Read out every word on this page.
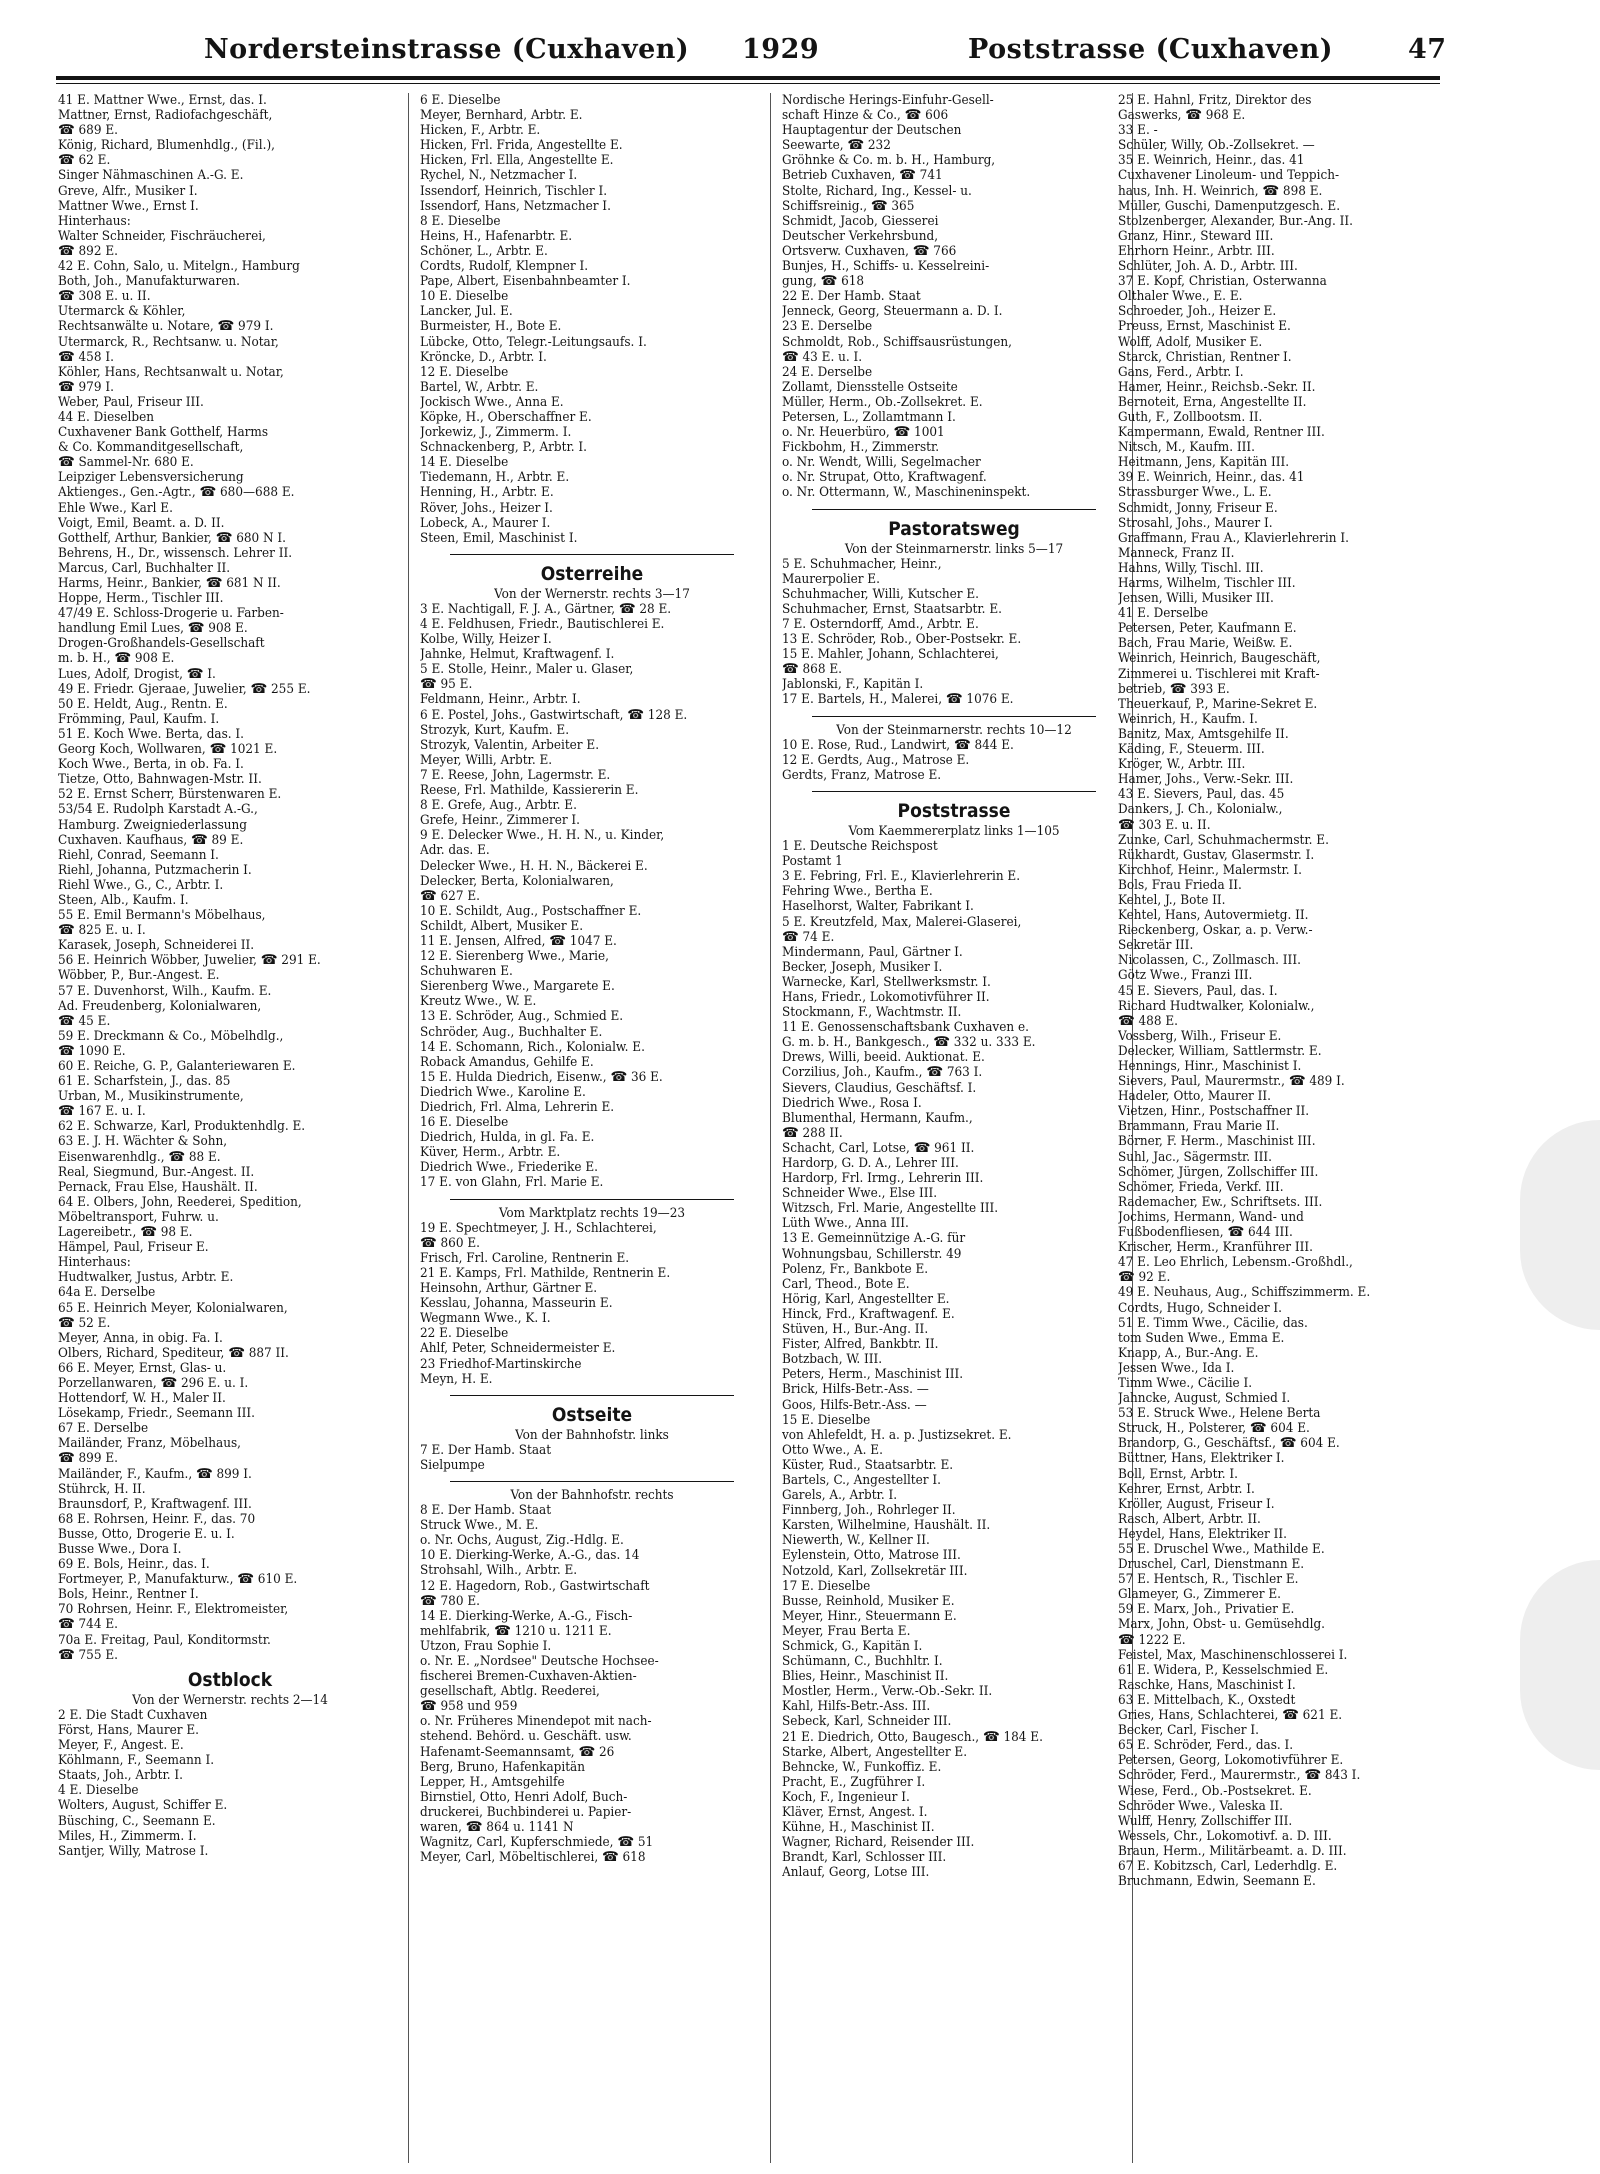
Nordersteinstrasse (Cuxhaven) 1929	Poststrasse (Cuxhaven)	47
41 E. Mattner Wwe., Ernst, das. I.
Mattner, Ernst, Radiofachgeschäft,
☎ 689 E.
König, Richard, Blumenhdlg., (Fil.),
☎ 62 E.
Singer Nähmaschinen A.-G. E.
Greve, Alfr., Musiker I.
Mattner Wwe., Ernst I.
Hinterhaus:
Walter Schneider, Fischräucherei,
☎ 892 E.
42 E. Cohn, Salo, u. Mitelgn., Hamburg
Both, Joh., Manufakturwaren.
☎ 308 E. u. II.
Utermarck & Köhler,
Rechtsanwälte u. Notare, ☎ 979 I.
Utermarck, R., Rechtsanw. u. Notar,
☎ 458 I.
Köhler, Hans, Rechtsanwalt u. Notar,
☎ 979 I.
Weber, Paul, Friseur III.
44 E. Dieselben
Cuxhavener Bank Gotthelf, Harms
& Co. Kommanditgesellschaft,
☎ Sammel-Nr. 680 E.
Leipziger Lebensversicherung
Aktienges., Gen.-Agtr., ☎ 680—688 E.
Ehle Wwe., Karl E.
Voigt, Emil, Beamt. a. D. II.
Gotthelf, Arthur, Bankier, ☎ 680 N I.
Behrens, H., Dr., wissensch. Lehrer II.
Marcus, Carl, Buchhalter II.
Harms, Heinr., Bankier, ☎ 681 N II.
Hoppe, Herm., Tischler III.
47/49 E. Schloss-Drogerie u. Farben-
handlung Emil Lues, ☎ 908 E.
Drogen-Großhandels-Gesellschaft
m. b. H., ☎ 908 E.
Lues, Adolf, Drogist, ☎ I.
49 E. Friedr. Gjeraae, Juwelier, ☎ 255 E.
50 E. Heldt, Aug., Rentn. E.
Frömming, Paul, Kaufm. I.
51 E. Koch Wwe. Berta, das. I.
Georg Koch, Wollwaren, ☎ 1021 E.
Koch Wwe., Berta, in ob. Fa. I.
Tietze, Otto, Bahnwagen-Mstr. II.
52 E. Ernst Scherr, Bürstenwaren E.
53/54 E. Rudolph Karstadt A.-G.,
Hamburg. Zweigniederlassung
Cuxhaven. Kaufhaus, ☎ 89 E.
Riehl, Conrad, Seemann I.
Riehl, Johanna, Putzmacherin I.
Riehl Wwe., G., C., Arbtr. I.
Steen, Alb., Kaufm. I.
55 E. Emil Bermann's Möbelhaus,
☎ 825 E. u. I.
Karasek, Joseph, Schneiderei II.
56 E. Heinrich Wöbber, Juwelier, ☎ 291 E.
Wöbber, P., Bur.-Angest. E.
57 E. Duvenhorst, Wilh., Kaufm. E.
Ad. Freudenberg, Kolonialwaren,
☎ 45 E.
59 E. Dreckmann & Co., Möbelhdlg.,
☎ 1090 E.
60 E. Reiche, G. P., Galanteriewaren E.
61 E. Scharfstein, J., das. 85
Urban, M., Musikinstrumente,
☎ 167 E. u. I.
62 E. Schwarze, Karl, Produktenhdlg. E.
63 E. J. H. Wächter & Sohn,
Eisenwarenhdlg., ☎ 88 E.
Real, Siegmund, Bur.-Angest. II.
Pernack, Frau Else, Haushält. II.
64 E. Olbers, John, Reederei, Spedition,
Möbeltransport, Fuhrw. u.
Lagereibetr., ☎ 98 E.
Hämpel, Paul, Friseur E.
Hinterhaus:
Hudtwalker, Justus, Arbtr. E.
64a E. Derselbe
65 E. Heinrich Meyer, Kolonialwaren,
☎ 52 E.
Meyer, Anna, in obig. Fa. I.
Olbers, Richard, Spediteur, ☎ 887 II.
66 E. Meyer, Ernst, Glas- u.
Porzellanwaren, ☎ 296 E. u. I.
Hottendorf, W. H., Maler II.
Lösekamp, Friedr., Seemann III.
67 E. Derselbe
Mailänder, Franz, Möbelhaus,
☎ 899 E.
Mailänder, F., Kaufm., ☎ 899 I.
Stührck, H. II.
Braunsdorf, P., Kraftwagenf. III.
68 E. Rohrsen, Heinr. F., das. 70
Busse, Otto, Drogerie E. u. I.
Busse Wwe., Dora I.
69 E. Bols, Heinr., das. I.
Fortmeyer, P., Manufakturw., ☎ 610 E.
Bols, Heinr., Rentner I.
70 Rohrsen, Heinr. F., Elektromeister,
☎ 744 E.
70a E. Freitag, Paul, Konditormstr.
☎ 755 E.
Ostblock
Von der Wernerstr. rechts 2—14
2 E. Die Stadt Cuxhaven
Först, Hans, Maurer E.
Meyer, F., Angest. E.
Köhlmann, F., Seemann I.
Staats, Joh., Arbtr. I.
4 E. Dieselbe
Wolters, August, Schiffer E.
Büsching, C., Seemann E.
Miles, H., Zimmerm. I.
Santjer, Willy, Matrose I.
6 E. Dieselbe
Meyer, Bernhard, Arbtr. E.
Hicken, F., Arbtr. E.
Hicken, Frl. Frida, Angestellte E.
Hicken, Frl. Ella, Angestellte E.
Rychel, N., Netzmacher I.
Issendorf, Heinrich, Tischler I.
Issendorf, Hans, Netzmacher I.
8 E. Dieselbe
Heins, H., Hafenarbtr. E.
Schöner, L., Arbtr. E.
Cordts, Rudolf, Klempner I.
Pape, Albert, Eisenbahnbeamter I.
10 E. Dieselbe
Lancker, Jul. E.
Burmeister, H., Bote E.
Lübcke, Otto, Telegr.-Leitungsaufs. I.
Kröncke, D., Arbtr. I.
12 E. Dieselbe
Bartel, W., Arbtr. E.
Jockisch Wwe., Anna E.
Köpke, H., Oberschaffner E.
Jorkewiz, J., Zimmerm. I.
Schnackenberg, P., Arbtr. I.
14 E. Dieselbe
Tiedemann, H., Arbtr. E.
Henning, H., Arbtr. E.
Röver, Johs., Heizer I.
Lobeck, A., Maurer I.
Steen, Emil, Maschinist I.
Osterreihe
Von der Wernerstr. rechts 3—17
3 E. Nachtigall, F. J. A., Gärtner, ☎ 28 E.
4 E. Feldhusen, Friedr., Bautischlerei E.
Kolbe, Willy, Heizer I.
Jahnke, Helmut, Kraftwagenf. I.
5 E. Stolle, Heinr., Maler u. Glaser,
☎ 95 E.
Feldmann, Heinr., Arbtr. I.
6 E. Postel, Johs., Gastwirtschaft, ☎ 128 E.
Strozyk, Kurt, Kaufm. E.
Strozyk, Valentin, Arbeiter E.
Meyer, Willi, Arbtr. E.
7 E. Reese, John, Lagermstr. E.
Reese, Frl. Mathilde, Kassiererin E.
8 E. Grefe, Aug., Arbtr. E.
Grefe, Heinr., Zimmerer I.
9 E. Delecker Wwe., H. H. N., u. Kinder,
Adr. das. E.
Delecker Wwe., H. H. N., Bäckerei E.
Delecker, Berta, Kolonialwaren,
☎ 627 E.
10 E. Schildt, Aug., Postschaffner E.
Schildt, Albert, Musiker E.
11 E. Jensen, Alfred, ☎ 1047 E.
12 E. Sierenberg Wwe., Marie,
Schuhwaren E.
Sierenberg Wwe., Margarete E.
Kreutz Wwe., W. E.
13 E. Schröder, Aug., Schmied E.
Schröder, Aug., Buchhalter E.
14 E. Schomann, Rich., Kolonialw. E.
Roback Amandus, Gehilfe E.
15 E. Hulda Diedrich, Eisenw., ☎ 36 E.
Diedrich Wwe., Karoline E.
Diedrich, Frl. Alma, Lehrerin E.
16 E. Dieselbe
Diedrich, Hulda, in gl. Fa. E.
Küver, Herm., Arbtr. E.
Diedrich Wwe., Friederike E.
17 E. von Glahn, Frl. Marie E.
Vom Marktplatz rechts 19—23
19 E. Spechtmeyer, J. H., Schlachterei,
☎ 860 E.
Frisch, Frl. Caroline, Rentnerin E.
21 E. Kamps, Frl. Mathilde, Rentnerin E.
Heinsohn, Arthur, Gärtner E.
Kesslau, Johanna, Masseurin E.
Wegmann Wwe., K. I.
22 E. Dieselbe
Ahlf, Peter, Schneidermeister E.
23 Friedhof-Martinskirche
Meyn, H. E.
Ostseite
Von der Bahnhofstr. links
7 E. Der Hamb. Staat
Sielpumpe
Von der Bahnhofstr. rechts
8 E. Der Hamb. Staat
Struck Wwe., M. E.
o. Nr. Ochs, August, Zig.-Hdlg. E.
10 E. Dierking-Werke, A.-G., das. 14
Strohsahl, Wilh., Arbtr. E.
12 E. Hagedorn, Rob., Gastwirtschaft
☎ 780 E.
14 E. Dierking-Werke, A.-G., Fisch-
mehlfabrik, ☎ 1210 u. 1211 E.
Utzon, Frau Sophie I.
o. Nr. E. „Nordsee" Deutsche Hochsee-
fischerei Bremen-Cuxhaven-Aktien-
gesellschaft, Abtlg. Reederei,
☎ 958 und 959
o. Nr. Früheres Minendepot mit nach-
stehend. Behörd. u. Geschäft. usw.
Hafenamt-Seemannsamt, ☎ 26
Berg, Bruno, Hafenkapitän
Lepper, H., Amtsgehilfe
Birnstiel, Otto, Henri Adolf, Buch-
druckerei, Buchbinderei u. Papier-
waren, ☎ 864 u. 1141 N
Wagnitz, Carl, Kupferschmiede, ☎ 51
Meyer, Carl, Möbeltischlerei, ☎ 618
Nordische Herings-Einfuhr-Gesell-
schaft Hinze & Co., ☎ 606
Hauptagentur der Deutschen
Seewarte, ☎ 232
Gröhnke & Co. m. b. H., Hamburg,
Betrieb Cuxhaven, ☎ 741
Stolte, Richard, Ing., Kessel- u.
Schiffsreinig., ☎ 365
Schmidt, Jacob, Giesserei
Deutscher Verkehrsbund,
Ortsverw. Cuxhaven, ☎ 766
Bunjes, H., Schiffs- u. Kesselreini-
gung, ☎ 618
22 E. Der Hamb. Staat
Jenneck, Georg, Steuermann a. D. I.
23 E. Derselbe
Schmoldt, Rob., Schiffsausrüstungen,
☎ 43 E. u. I.
24 E. Derselbe
Zollamt, Diensstelle Ostseite
Müller, Herm., Ob.-Zollsekret. E.
Petersen, L., Zollamtmann I.
o. Nr. Heuerbüro, ☎ 1001
Fickbohm, H., Zimmerstr.
o. Nr. Wendt, Willi, Segelmacher
o. Nr. Strupat, Otto, Kraftwagenf.
o. Nr. Ottermann, W., Maschineninspekt.
Pastoratsweg
Von der Steinmarnerstr. links 5—17
5 E. Schuhmacher, Heinr.,
Maurerpolier E.
Schuhmacher, Willi, Kutscher E.
Schuhmacher, Ernst, Staatsarbtr. E.
7 E. Osterndorff, Amd., Arbtr. E.
13 E. Schröder, Rob., Ober-Postsekr. E.
15 E. Mahler, Johann, Schlachterei,
☎ 868 E.
Jablonski, F., Kapitän I.
17 E. Bartels, H., Malerei, ☎ 1076 E.
Von der Steinmarnerstr. rechts 10—12
10 E. Rose, Rud., Landwirt, ☎ 844 E.
12 E. Gerdts, Aug., Matrose E.
Gerdts, Franz, Matrose E.
Poststrasse
Vom Kaemmererplatz links 1—105
1 E. Deutsche Reichspost
Postamt 1
3 E. Febring, Frl. E., Klavierlehrerin E.
Fehring Wwe., Bertha E.
Haselhorst, Walter, Fabrikant I.
5 E. Kreutzfeld, Max, Malerei-Glaserei,
☎ 74 E.
Mindermann, Paul, Gärtner I.
Becker, Joseph, Musiker I.
Warnecke, Karl, Stellwerksmstr. I.
Hans, Friedr., Lokomotivführer II.
Stockmann, F., Wachtmstr. II.
11 E. Genossenschaftsbank Cuxhaven e.
G. m. b. H., Bankgesch., ☎ 332 u. 333 E.
Drews, Willi, beeid. Auktionat. E.
Corzilius, Joh., Kaufm., ☎ 763 I.
Sievers, Claudius, Geschäftsf. I.
Diedrich Wwe., Rosa I.
Blumenthal, Hermann, Kaufm.,
☎ 288 II.
Schacht, Carl, Lotse, ☎ 961 II.
Hardorp, G. D. A., Lehrer III.
Hardorp, Frl. Irmg., Lehrerin III.
Schneider Wwe., Else III.
Witzsch, Frl. Marie, Angestellte III.
Lüth Wwe., Anna III.
13 E. Gemeinnützige A.-G. für
Wohnungsbau, Schillerstr. 49
Polenz, Fr., Bankbote E.
Carl, Theod., Bote E.
Hörig, Karl, Angestellter E.
Hinck, Frd., Kraftwagenf. E.
Stüven, H., Bur.-Ang. II.
Fister, Alfred, Bankbtr. II.
Botzbach, W. III.
Peters, Herm., Maschinist III.
Brick, Hilfs-Betr.-Ass. —
Goos, Hilfs-Betr.-Ass. —
15 E. Dieselbe
von Ahlefeldt, H. a. p. Justizsekret. E.
Otto Wwe., A. E.
Küster, Rud., Staatsarbtr. E.
Bartels, C., Angestellter I.
Garels, A., Arbtr. I.
Finnberg, Joh., Rohrleger II.
Karsten, Wilhelmine, Haushält. II.
Niewerth, W., Kellner II.
Eylenstein, Otto, Matrose III.
Notzold, Karl, Zollsekretär III.
17 E. Dieselbe
Busse, Reinhold, Musiker E.
Meyer, Hinr., Steuermann E.
Meyer, Frau Berta E.
Schmick, G., Kapitän I.
Schümann, C., Buchhltr. I.
Blies, Heinr., Maschinist II.
Mostler, Herm., Verw.-Ob.-Sekr. II.
Kahl, Hilfs-Betr.-Ass. III.
Sebeck, Karl, Schneider III.
21 E. Diedrich, Otto, Baugesch., ☎ 184 E.
Starke, Albert, Angestellter E.
Behncke, W., Funkoffiz. E.
Pracht, E., Zugführer I.
Koch, F., Ingenieur I.
Kläver, Ernst, Angest. I.
Kühne, H., Maschinist II.
Wagner, Richard, Reisender III.
Brandt, Karl, Schlosser III.
Anlauf, Georg, Lotse III.
25 E. Hahnl, Fritz, Direktor des
Gaswerks, ☎ 968 E.
33 E. -
Schüler, Willy, Ob.-Zollsekret. —
35 E. Weinrich, Heinr., das. 41
Cuxhavener Linoleum- und Teppich-
haus, Inh. H. Weinrich, ☎ 898 E.
Müller, Guschi, Damenputzgesch. E.
Stolzenberger, Alexander, Bur.-Ang. II.
Granz, Hinr., Steward III.
Ehrhorn Heinr., Arbtr. III.
Schlüter, Joh. A. D., Arbtr. III.
37 E. Kopf, Christian, Osterwanna
Olthaler Wwe., E. E.
Schroeder, Joh., Heizer E.
Preuss, Ernst, Maschinist E.
Wolff, Adolf, Musiker E.
Starck, Christian, Rentner I.
Gans, Ferd., Arbtr. I.
Hamer, Heinr., Reichsb.-Sekr. II.
Bernoteit, Erna, Angestellte II.
Guth, F., Zollbootsm. II.
Kampermann, Ewald, Rentner III.
Nitsch, M., Kaufm. III.
Heitmann, Jens, Kapitän III.
39 E. Weinrich, Heinr., das. 41
Strassburger Wwe., L. E.
Schmidt, Jonny, Friseur E.
Strosahl, Johs., Maurer I.
Graffmann, Frau A., Klavierlehrerin I.
Manneck, Franz II.
Hahns, Willy, Tischl. III.
Harms, Wilhelm, Tischler III.
Jensen, Willi, Musiker III.
41 E. Derselbe
Petersen, Peter, Kaufmann E.
Bach, Frau Marie, Weißw. E.
Weinrich, Heinrich, Baugeschäft,
Zimmerei u. Tischlerei mit Kraft-
betrieb, ☎ 393 E.
Theuerkauf, P., Marine-Sekret E.
Weinrich, H., Kaufm. I.
Banitz, Max, Amtsgehilfe II.
Käding, F., Steuerm. III.
Kröger, W., Arbtr. III.
Hamer, Johs., Verw.-Sekr. III.
43 E. Sievers, Paul, das. 45
Dankers, J. Ch., Kolonialw.,
☎ 303 E. u. II.
Zunke, Carl, Schuhmachermstr. E.
Rükhardt, Gustav, Glasermstr. I.
Kirchhof, Heinr., Malermstr. I.
Bols, Frau Frieda II.
Kehtel, J., Bote II.
Kehtel, Hans, Autovermietg. II.
Rieckenberg, Oskar, a. p. Verw.-
Sekretär III.
Nicolassen, C., Zollmasch. III.
Götz Wwe., Franzi III.
45 E. Sievers, Paul, das. I.
Richard Hudtwalker, Kolonialw.,
☎ 488 E.
Vossberg, Wilh., Friseur E.
Delecker, William, Sattlermstr. E.
Hennings, Hinr., Maschinist I.
Sievers, Paul, Maurermstr., ☎ 489 I.
Hadeler, Otto, Maurer II.
Vietzen, Hinr., Postschaffner II.
Brammann, Frau Marie II.
Börner, F. Herm., Maschinist III.
Suhl, Jac., Sägermstr. III.
Schömer, Jürgen, Zollschiffer III.
Schömer, Frieda, Verkf. III.
Rademacher, Ew., Schriftsets. III.
Jochims, Hermann, Wand- und
Fußbodenfliesen, ☎ 644 III.
Krischer, Herm., Kranführer III.
47 E. Leo Ehrlich, Lebensm.-Großhdl.,
☎ 92 E.
49 E. Neuhaus, Aug., Schiffszimmerm. E.
Cordts, Hugo, Schneider I.
51 E. Timm Wwe., Cäcilie, das.
tom Suden Wwe., Emma E.
Knapp, A., Bur.-Ang. E.
Jessen Wwe., Ida I.
Timm Wwe., Cäcilie I.
Jahncke, August, Schmied I.
53 E. Struck Wwe., Helene Berta
Struck, H., Polsterer, ☎ 604 E.
Brandorp, G., Geschäftsf., ☎ 604 E.
Büttner, Hans, Elektriker I.
Boll, Ernst, Arbtr. I.
Kehrer, Ernst, Arbtr. I.
Kröller, August, Friseur I.
Rasch, Albert, Arbtr. II.
Heydel, Hans, Elektriker II.
55 E. Druschel Wwe., Mathilde E.
Druschel, Carl, Dienstmann E.
57 E. Hentsch, R., Tischler E.
Glameyer, G., Zimmerer E.
59 E. Marx, Joh., Privatier E.
Marx, John, Obst- u. Gemüsehdlg.
☎ 1222 E.
Feistel, Max, Maschinenschlosserei I.
61 E. Widera, P., Kesselschmied E.
Raschke, Hans, Maschinist I.
63 E. Mittelbach, K., Oxstedt
Gries, Hans, Schlachterei, ☎ 621 E.
Becker, Carl, Fischer I.
65 E. Schröder, Ferd., das. I.
Petersen, Georg, Lokomotivführer E.
Schröder, Ferd., Maurermstr., ☎ 843 I.
Wiese, Ferd., Ob.-Postsekret. E.
Schröder Wwe., Valeska II.
Wulff, Henry, Zollschiffer III.
Wessels, Chr., Lokomotivf. a. D. III.
Braun, Herm., Militärbeamt. a. D. III.
67 E. Kobitzsch, Carl, Lederhdlg. E.
Bruchmann, Edwin, Seemann E.
